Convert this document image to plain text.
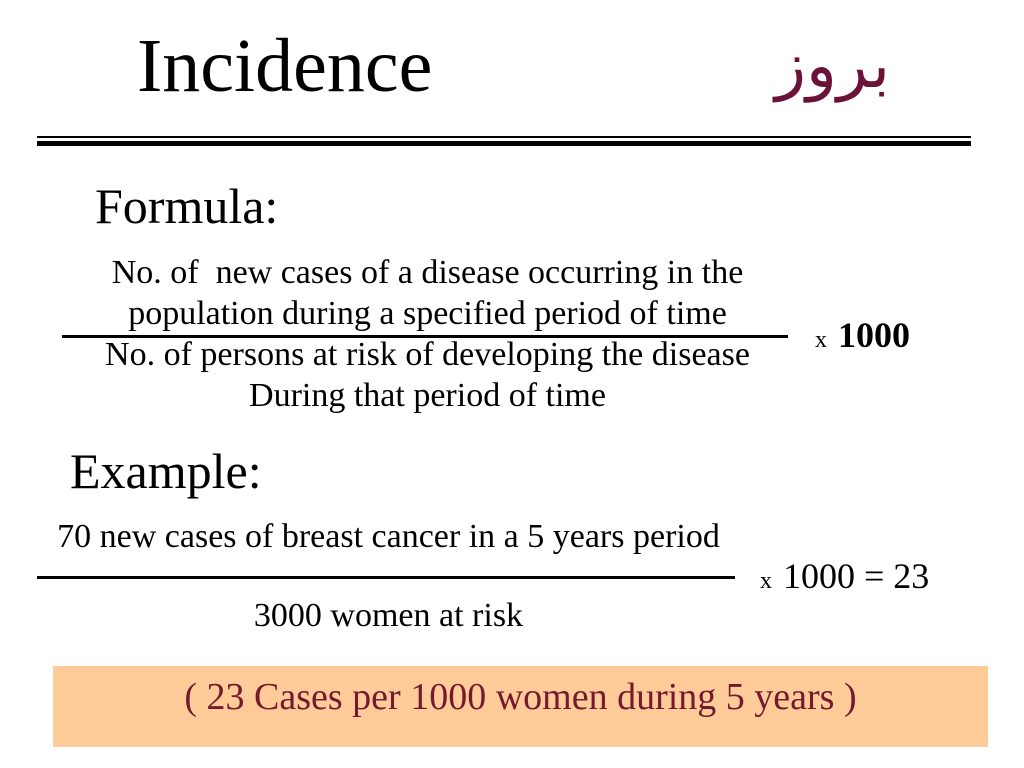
Incidence	بروز
Formula:
No. of  new cases of a disease occurring in the
population during a specified period of time
No. of persons at risk of developing the disease
During that period of time
x 1000
Example:
70 new cases of breast cancer in a 5 years period
3000 women at risk
x 1000 = 23
( 23 Cases per 1000 women during 5 years )
